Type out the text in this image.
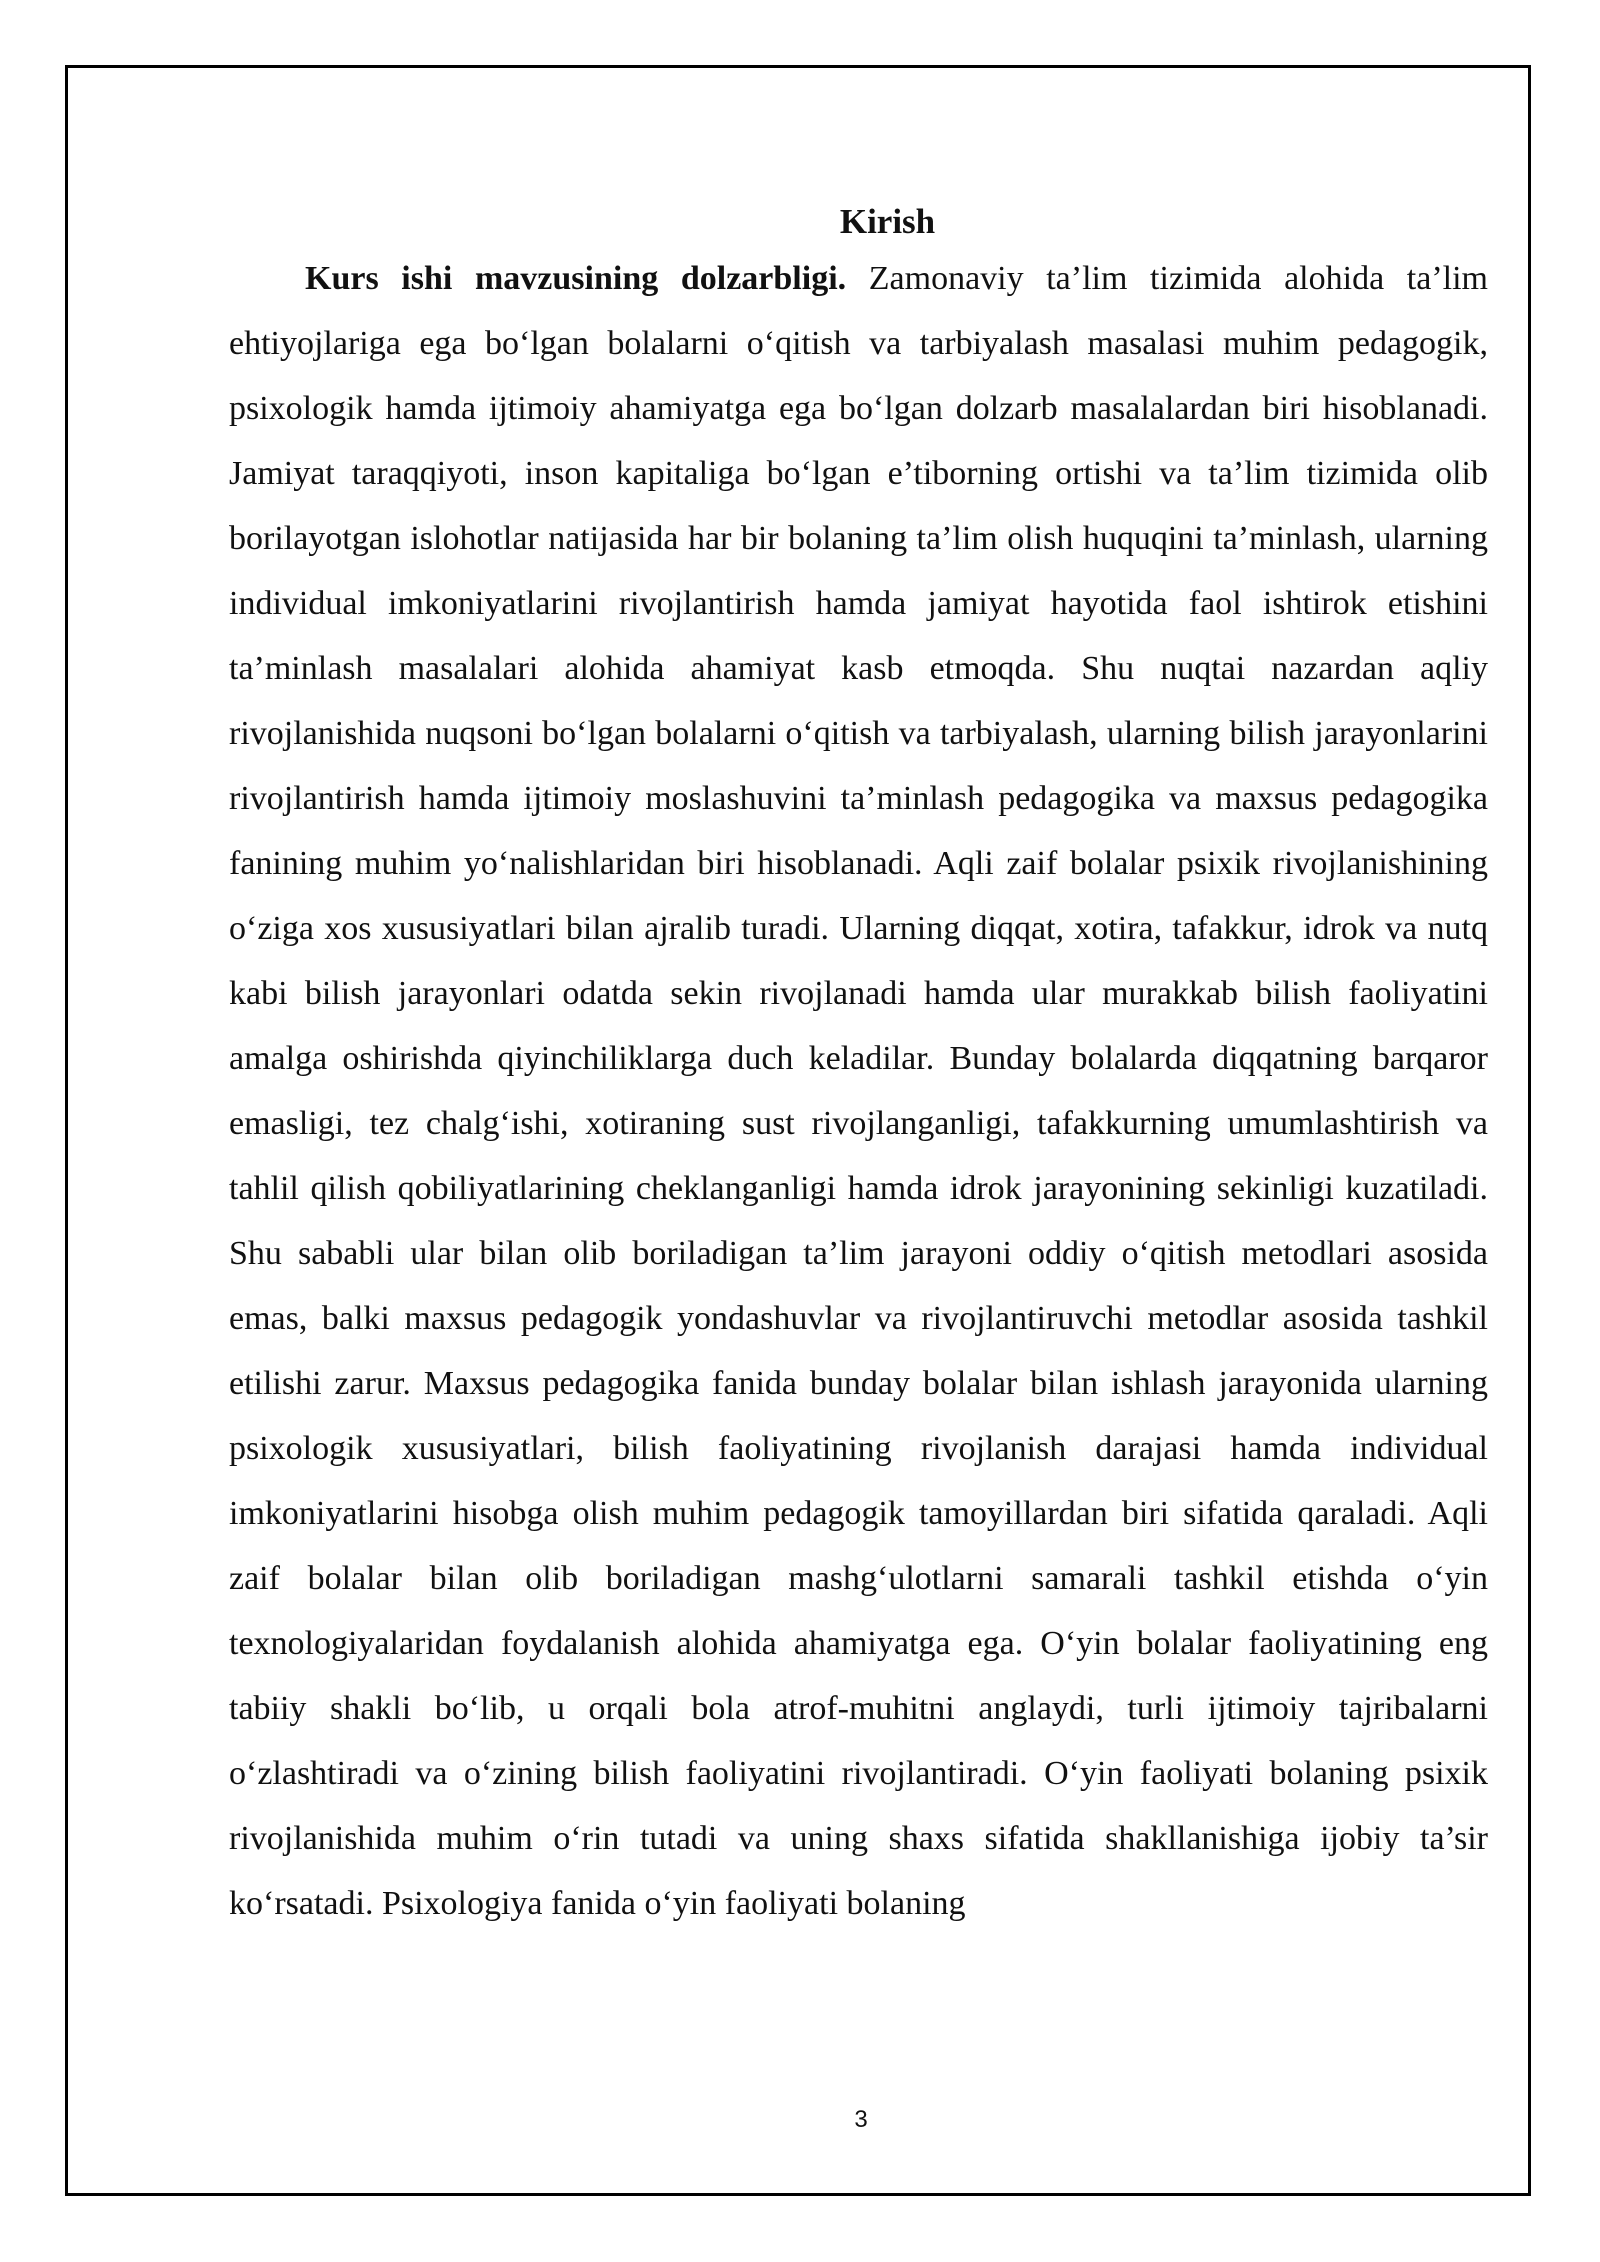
Kirish

Kurs ishi mavzusining dolzarbligi. Zamonaviy ta’lim tizimida alohida ta’lim ehtiyojlariga ega bo‘lgan bolalarni o‘qitish va tarbiyalash masalasi muhim pedagogik, psixologik hamda ijtimoiy ahamiyatga ega bo‘lgan dolzarb masalalardan biri hisoblanadi. Jamiyat taraqqiyoti, inson kapitaliga bo‘lgan e’tiborning ortishi va ta’lim tizimida olib borilayotgan islohotlar natijasida har bir bolaning ta’lim olish huquqini ta’minlash, ularning individual imkoniyatlarini rivojlantirish hamda jamiyat hayotida faol ishtirok etishini ta’minlash masalalari alohida ahamiyat kasb etmoqda. Shu nuqtai nazardan aqliy rivojlanishida nuqsoni bo‘lgan bolalarni o‘qitish va tarbiyalash, ularning bilish jarayonlarini rivojlantirish hamda ijtimoiy moslashuvini ta’minlash pedagogika va maxsus pedagogika fanining muhim yo‘nalishlaridan biri hisoblanadi. Aqli zaif bolalar psixik rivojlanishining o‘ziga xos xususiyatlari bilan ajralib turadi. Ularning diqqat, xotira, tafakkur, idrok va nutq kabi bilish jarayonlari odatda sekin rivojlanadi hamda ular murakkab bilish faoliyatini amalga oshirishda qiyinchiliklarga duch keladilar. Bunday bolalarda diqqatning barqaror emasligi, tez chalg‘ishi, xotiraning sust rivojlanganligi, tafakkurning umumlashtirish va tahlil qilish qobiliyatlarining cheklanganligi hamda idrok jarayonining sekinligi kuzatiladi. Shu sababli ular bilan olib boriladigan ta’lim jarayoni oddiy o‘qitish metodlari asosida emas, balki maxsus pedagogik yondashuvlar va rivojlantiruvchi metodlar asosida tashkil etilishi zarur. Maxsus pedagogika fanida bunday bolalar bilan ishlash jarayonida ularning psixologik xususiyatlari, bilish faoliyatining rivojlanish darajasi hamda individual imkoniyatlarini hisobga olish muhim pedagogik tamoyillardan biri sifatida qaraladi. Aqli zaif bolalar bilan olib boriladigan mashg‘ulotlarni samarali tashkil etishda o‘yin texnologiyalaridan foydalanish alohida ahamiyatga ega. O‘yin bolalar faoliyatining eng tabiiy shakli bo‘lib, u orqali bola atrof-muhitni anglaydi, turli ijtimoiy tajribalarni o‘zlashtiradi va o‘zining bilish faoliyatini rivojlantiradi. O‘yin faoliyati bolaning psixik rivojlanishida muhim o‘rin tutadi va uning shaxs sifatida shakllanishiga ijobiy ta’sir ko‘rsatadi. Psixologiya fanida o‘yin faoliyati bolaning

3
